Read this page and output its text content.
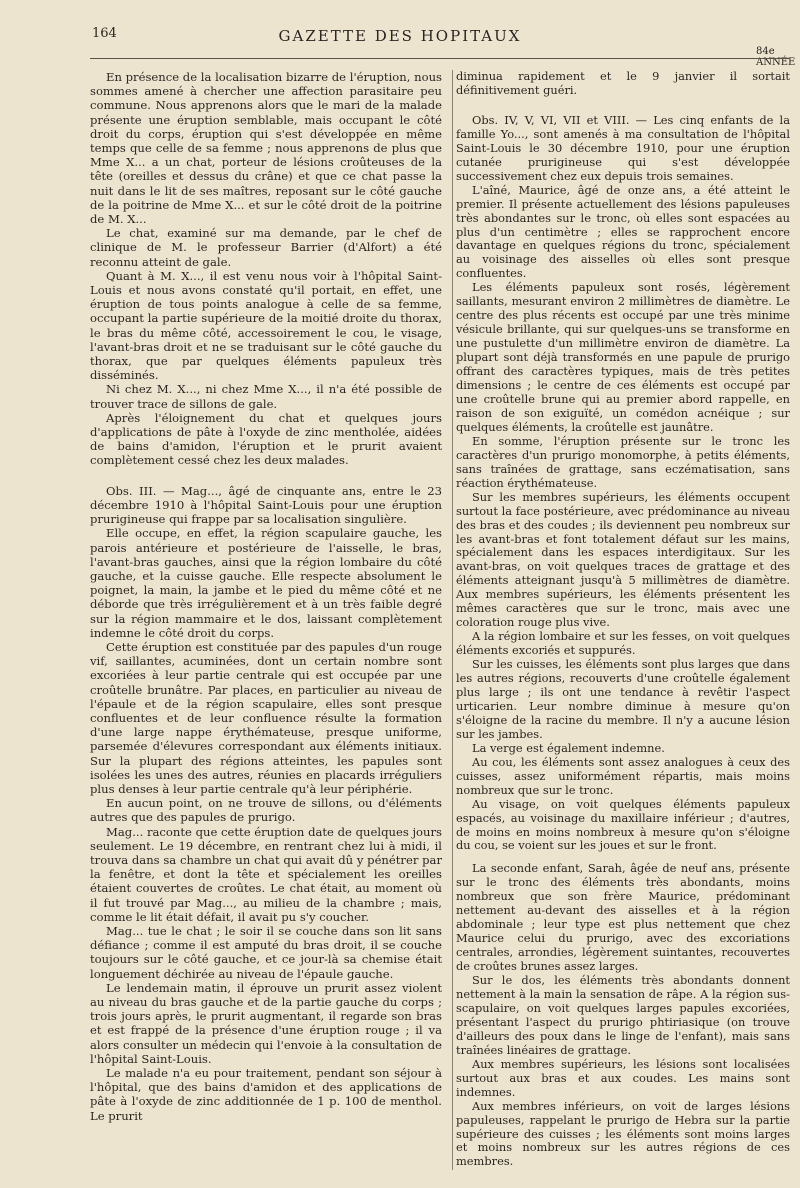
164	GAZETTE DES HOPITAUX
84e ANNÉE

En présence de la localisation bizarre de l'éruption, nous sommes amené à chercher une affection parasitaire peu commune. Nous apprenons alors que le mari de la malade présente une éruption semblable, mais occupant le côté droit du corps, éruption qui s'est développée en même temps que celle de sa femme ; nous apprenons de plus que Mme X... a un chat, porteur de lésions croûteuses de la tête (oreilles et dessus du crâne) et que ce chat passe la nuit dans le lit de ses maîtres, reposant sur le côté gauche de la poitrine de Mme X... et sur le côté droit de la poitrine de M. X...

Le chat, examiné sur ma demande, par le chef de clinique de M. le professeur Barrier (d'Alfort) a été reconnu atteint de gale.

Quant à M. X..., il est venu nous voir à l'hôpital Saint-Louis et nous avons constaté qu'il portait, en effet, une éruption de tous points analogue à celle de sa femme, occupant la partie supérieure de la moitié droite du thorax, le bras du même côté, accessoirement le cou, le visage, l'avant-bras droit et ne se traduisant sur le côté gauche du thorax, que par quelques éléments papuleux très disséminés.

Ni chez M. X..., ni chez Mme X..., il n'a été possible de trouver trace de sillons de gale.

Après l'éloignement du chat et quelques jours d'applications de pâte à l'oxyde de zinc mentholée, aidées de bains d'amidon, l'éruption et le prurit avaient complètement cessé chez les deux malades.

Obs. III. — Mag..., âgé de cinquante ans, entre le 23 décembre 1910 à l'hôpital Saint-Louis pour une éruption prurigineuse qui frappe par sa localisation singulière.

Elle occupe, en effet, la région scapulaire gauche, les parois antérieure et postérieure de l'aisselle, le bras, l'avant-bras gauches, ainsi que la région lombaire du côté gauche, et la cuisse gauche. Elle respecte absolument le poignet, la main, la jambe et le pied du même côté et ne déborde que très irrégulièrement et à un très faible degré sur la région mammaire et le dos, laissant complètement indemne le côté droit du corps.

Cette éruption est constituée par des papules d'un rouge vif, saillantes, acuminées, dont un certain nombre sont excoriées à leur partie centrale qui est occupée par une croûtelle brunâtre. Par places, en particulier au niveau de l'épaule et de la région scapulaire, elles sont presque confluentes et de leur confluence résulte la formation d'une large nappe érythémateuse, presque uniforme, parsemée d'élevures correspondant aux éléments initiaux. Sur la plupart des régions atteintes, les papules sont isolées les unes des autres, réunies en placards irréguliers plus denses à leur partie centrale qu'à leur périphérie.

En aucun point, on ne trouve de sillons, ou d'éléments autres que des papules de prurigo.

Mag... raconte que cette éruption date de quelques jours seulement. Le 19 décembre, en rentrant chez lui à midi, il trouva dans sa chambre un chat qui avait dû y pénétrer par la fenêtre, et dont la tête et spécialement les oreilles étaient couvertes de croûtes. Le chat était, au moment où il fut trouvé par Mag..., au milieu de la chambre ; mais, comme le lit était défait, il avait pu s'y coucher.

Mag... tue le chat ; le soir il se couche dans son lit sans défiance ; comme il est amputé du bras droit, il se couche toujours sur le côté gauche, et ce jour-là sa chemise était longuement déchirée au niveau de l'épaule gauche.

Le lendemain matin, il éprouve un prurit assez violent au niveau du bras gauche et de la partie gauche du corps ; trois jours après, le prurit augmentant, il regarde son bras et est frappé de la présence d'une éruption rouge ; il va alors consulter un médecin qui l'envoie à la consultation de l'hôpital Saint-Louis.

Le malade n'a eu pour traitement, pendant son séjour à l'hôpital, que des bains d'amidon et des applications de pâte à l'oxyde de zinc additionnée de 1 p. 100 de menthol. Le prurit

diminua rapidement et le 9 janvier il sortait définitivement guéri.

Obs. IV, V, VI, VII et VIII. — Les cinq enfants de la famille Yo..., sont amenés à ma consultation de l'hôpital Saint-Louis le 30 décembre 1910, pour une éruption cutanée prurigineuse qui s'est développée successivement chez eux depuis trois semaines.

L'aîné, Maurice, âgé de onze ans, a été atteint le premier. Il présente actuellement des lésions papuleuses très abondantes sur le tronc, où elles sont espacées au plus d'un centimètre ; elles se rapprochent encore davantage en quelques régions du tronc, spécialement au voisinage des aisselles où elles sont presque confluentes.

Les éléments papuleux sont rosés, légèrement saillants, mesurant environ 2 millimètres de diamètre. Le centre des plus récents est occupé par une très minime vésicule brillante, qui sur quelques-uns se transforme en une pustulette d'un millimètre environ de diamètre. La plupart sont déjà transformés en une papule de prurigo offrant des caractères typiques, mais de très petites dimensions ; le centre de ces éléments est occupé par une croûtelle brune qui au premier abord rappelle, en raison de son exiguïté, un comédon acnéique ; sur quelques éléments, la croûtelle est jaunâtre.

En somme, l'éruption présente sur le tronc les caractères d'un prurigo monomorphe, à petits éléments, sans traînées de grattage, sans eczématisation, sans réaction érythémateuse.

Sur les membres supérieurs, les éléments occupent surtout la face postérieure, avec prédominance au niveau des bras et des coudes ; ils deviennent peu nombreux sur les avant-bras et font totalement défaut sur les mains, spécialement dans les espaces interdigitaux. Sur les avant-bras, on voit quelques traces de grattage et des éléments atteignant jusqu'à 5 millimètres de diamètre. Aux membres supérieurs, les éléments présentent les mêmes caractères que sur le tronc, mais avec une coloration rouge plus vive.

A la région lombaire et sur les fesses, on voit quelques éléments excoriés et suppurés.

Sur les cuisses, les éléments sont plus larges que dans les autres régions, recouverts d'une croûtelle également plus large ; ils ont une tendance à revêtir l'aspect urticarien. Leur nombre diminue à mesure qu'on s'éloigne de la racine du membre. Il n'y a aucune lésion sur les jambes.

La verge est également indemne.

Au cou, les éléments sont assez analogues à ceux des cuisses, assez uniformément répartis, mais moins nombreux que sur le tronc.

Au visage, on voit quelques éléments papuleux espacés, au voisinage du maxillaire inférieur ; d'autres, de moins en moins nombreux à mesure qu'on s'éloigne du cou, se voient sur les joues et sur le front.

La seconde enfant, Sarah, âgée de neuf ans, présente sur le tronc des éléments très abondants, moins nombreux que son frère Maurice, prédominant nettement au-devant des aisselles et à la région abdominale ; leur type est plus nettement que chez Maurice celui du prurigo, avec des excoriations centrales, arrondies, légèrement suintantes, recouvertes de croûtes brunes assez larges.

Sur le dos, les éléments très abondants donnent nettement à la main la sensation de râpe. A la région sus-scapulaire, on voit quelques larges papules excoriées, présentant l'aspect du prurigo phtiriasique (on trouve d'ailleurs des poux dans le linge de l'enfant), mais sans traînées linéaires de grattage.

Aux membres supérieurs, les lésions sont localisées surtout aux bras et aux coudes. Les mains sont indemnes.

Aux membres inférieurs, on voit de larges lésions papuleuses, rappelant le prurigo de Hebra sur la partie supérieure des cuisses ; les éléments sont moins larges et moins nombreux sur les autres régions de ces membres.
